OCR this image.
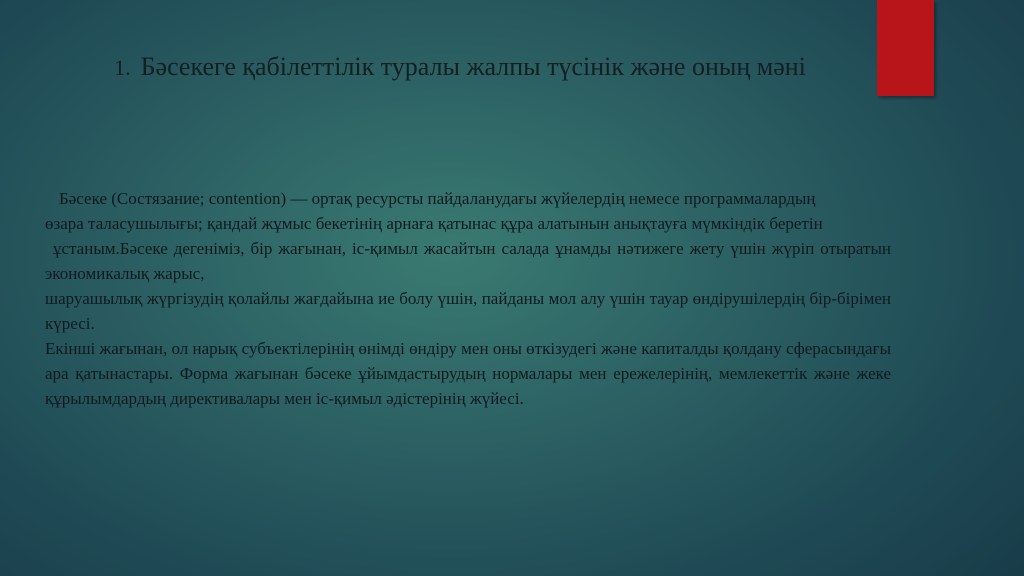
1. Бәсекеге қабілеттілік туралы жалпы түсінік және оның мәні

Бәсеке (Состязание; contention) — ортақ ресурсты пайдаланудағы жүйелердің немесе программалардың

өзара таласушылығы; қандай жұмыс бекетінің арнаға қатынас құра алатынын анықтауға мүмкіндік беретін

ұстаным.Бәсеке дегеніміз, бір жағынан, іс-қимыл жасайтын салада ұнамды нәтижеге жету үшін жүріп отыратын экономикалық жарыс,

шаруашылық жүргізудің қолайлы жағдайына ие болу үшін, пайданы мол алу үшін тауар өндірушілердің бір-бірімен күресі.

Екінші жағынан, ол нарық субъектілерінің өнімді өндіру мен оны өткізудегі және капиталды қолдану сферасындағы ара қатынастары. Форма жағынан бәсеке ұйымдастырудың нормалары мен ережелерінің, мемлекеттік және жеке құрылымдардың директивалары мен іс-қимыл әдістерінің жүйесі.
